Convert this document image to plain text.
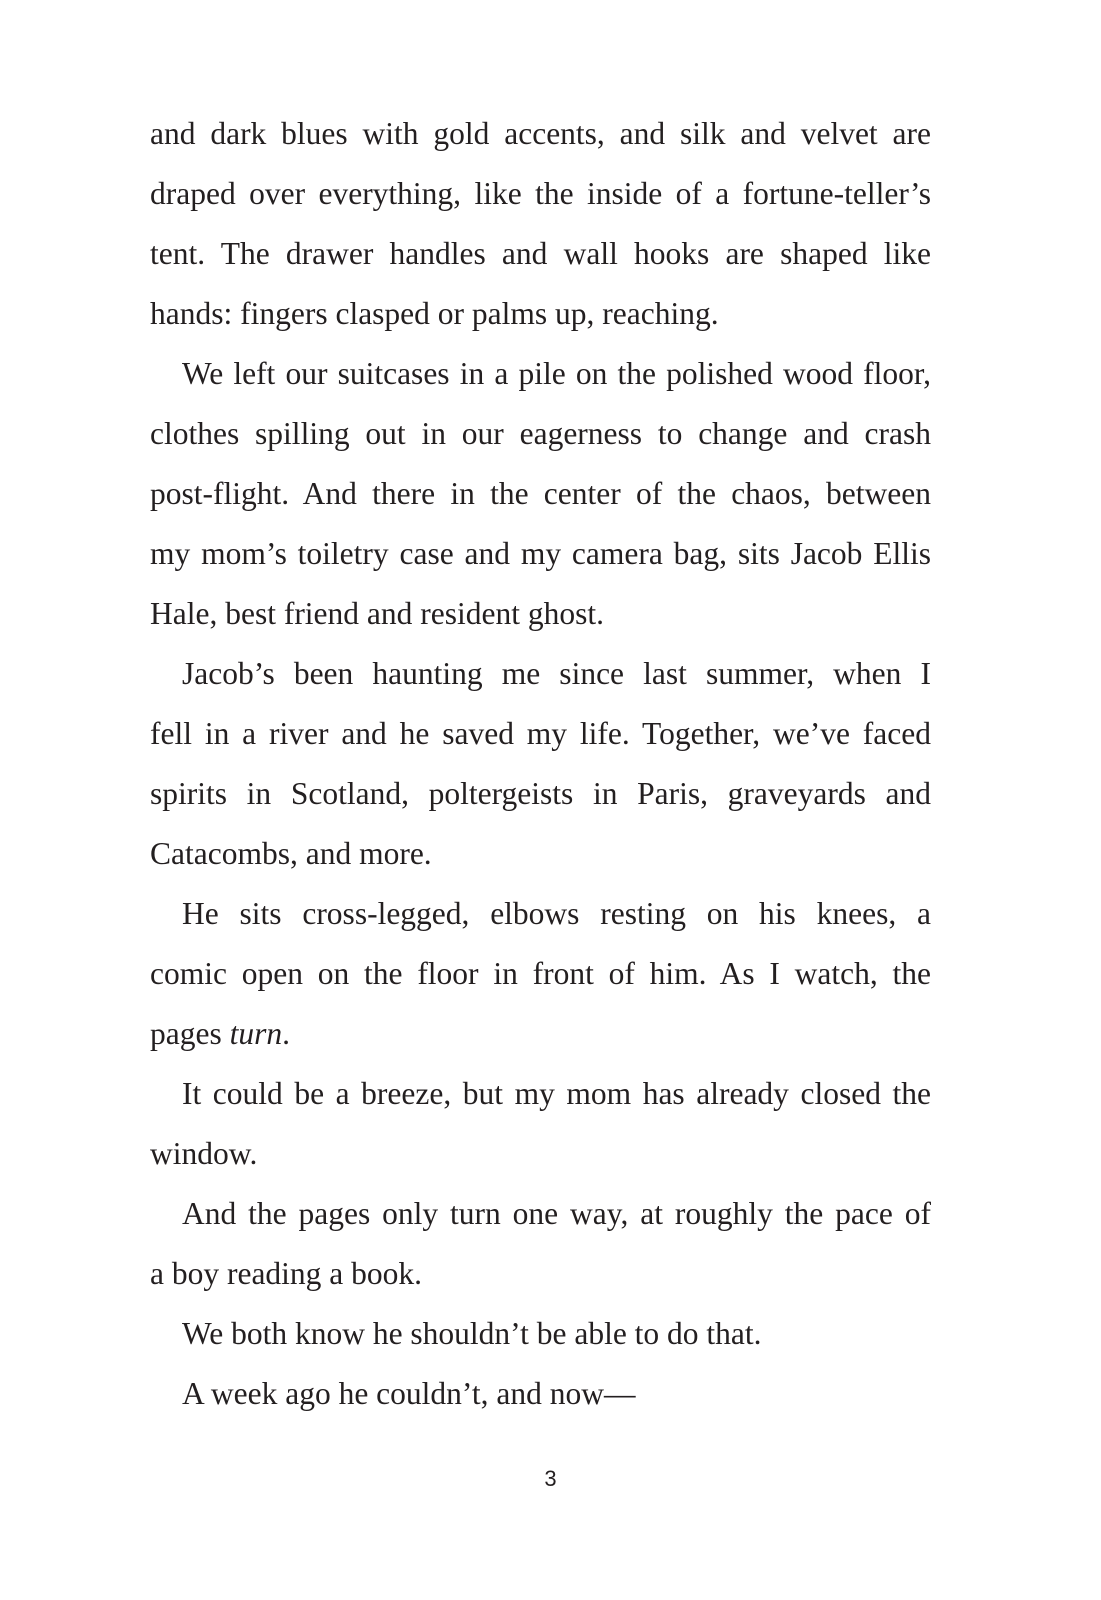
and dark blues with gold accents, and silk and velvet are
draped over everything, like the inside of a fortune-teller’s
tent. The drawer handles and wall hooks are shaped like
hands: fingers clasped or palms up, reaching.
We left our suitcases in a pile on the polished wood floor,
clothes spilling out in our eagerness to change and crash
post-flight. And there in the center of the chaos, between
my mom’s toiletry case and my camera bag, sits Jacob Ellis
Hale, best friend and resident ghost.
Jacob’s been haunting me since last summer, when I
fell in a river and he saved my life. Together, we’ve faced
spirits in Scotland, poltergeists in Paris, graveyards and
Catacombs, and more.
He sits cross-legged, elbows resting on his knees, a
comic open on the floor in front of him. As I watch, the
pages turn.
It could be a breeze, but my mom has already closed the
window.
And the pages only turn one way, at roughly the pace of
a boy reading a book.
We both know he shouldn’t be able to do that.
A week ago he couldn’t, and now—
3
